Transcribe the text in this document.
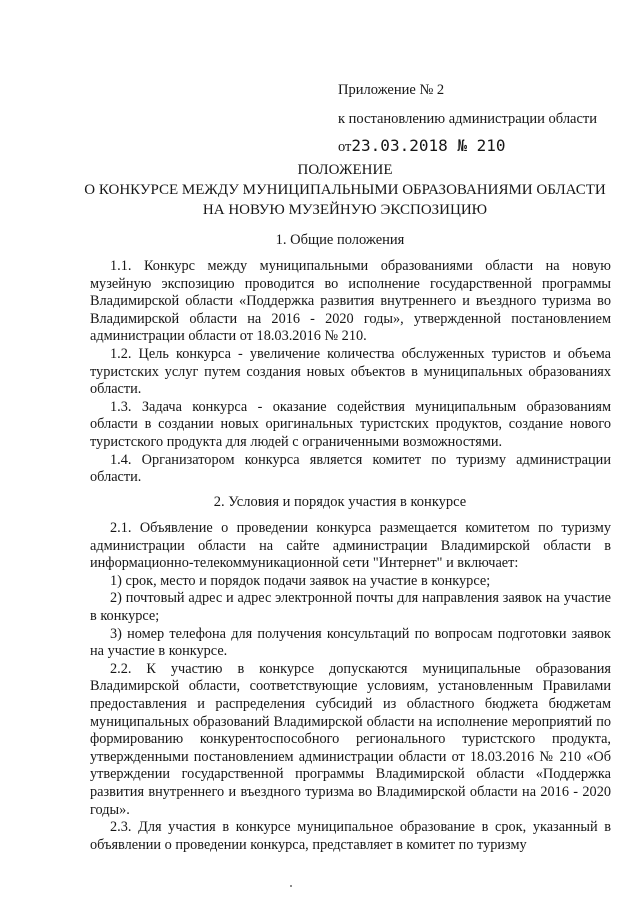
Приложение № 2
к постановлению администрации области
от23.03.2018 № 210
ПОЛОЖЕНИЕ
О КОНКУРСЕ МЕЖДУ МУНИЦИПАЛЬНЫМИ ОБРАЗОВАНИЯМИ ОБЛАСТИ
НА НОВУЮ МУЗЕЙНУЮ ЭКСПОЗИЦИЮ
1. Общие положения

1.1. Конкурс между муниципальными образованиями области на новую музейную экспозицию проводится во исполнение государственной программы Владимирской области «Поддержка развития внутреннего и въездного туризма во Владимирской области на 2016 - 2020 годы», утвержденной постановлением администрации области от 18.03.2016 № 210.

1.2. Цель конкурса - увеличение количества обслуженных туристов и объема туристских услуг путем создания новых объектов в муниципальных образованиях области.

1.3. Задача конкурса - оказание содействия муниципальным образованиям области в создании новых оригинальных туристских продуктов, создание нового туристского продукта для людей с ограниченными возможностями.

1.4. Организатором конкурса является комитет по туризму администрации области.

2. Условия и порядок участия в конкурсе

2.1. Объявление о проведении конкурса размещается комитетом по туризму администрации области на сайте администрации Владимирской области в информационно-телекоммуникационной сети "Интернет" и включает:

1) срок, место и порядок подачи заявок на участие в конкурсе;

2) почтовый адрес и адрес электронной почты для направления заявок на участие в конкурсе;

3) номер телефона для получения консультаций по вопросам подготовки заявок на участие в конкурсе.

2.2. К участию в конкурсе допускаются муниципальные образования Владимирской области, соответствующие условиям, установленным Правилами предоставления и распределения субсидий из областного бюджета бюджетам муниципальных образований Владимирской области на исполнение мероприятий по формированию конкурентоспособного регионального туристского продукта, утвержденными постановлением администрации области от 18.03.2016 № 210 «Об утверждении государственной программы Владимирской области «Поддержка развития внутреннего и въездного туризма во Владимирской области на 2016 - 2020 годы».

2.3. Для участия в конкурсе муниципальное образование в срок, указанный в объявлении о проведении конкурса, представляет в комитет по туризму
